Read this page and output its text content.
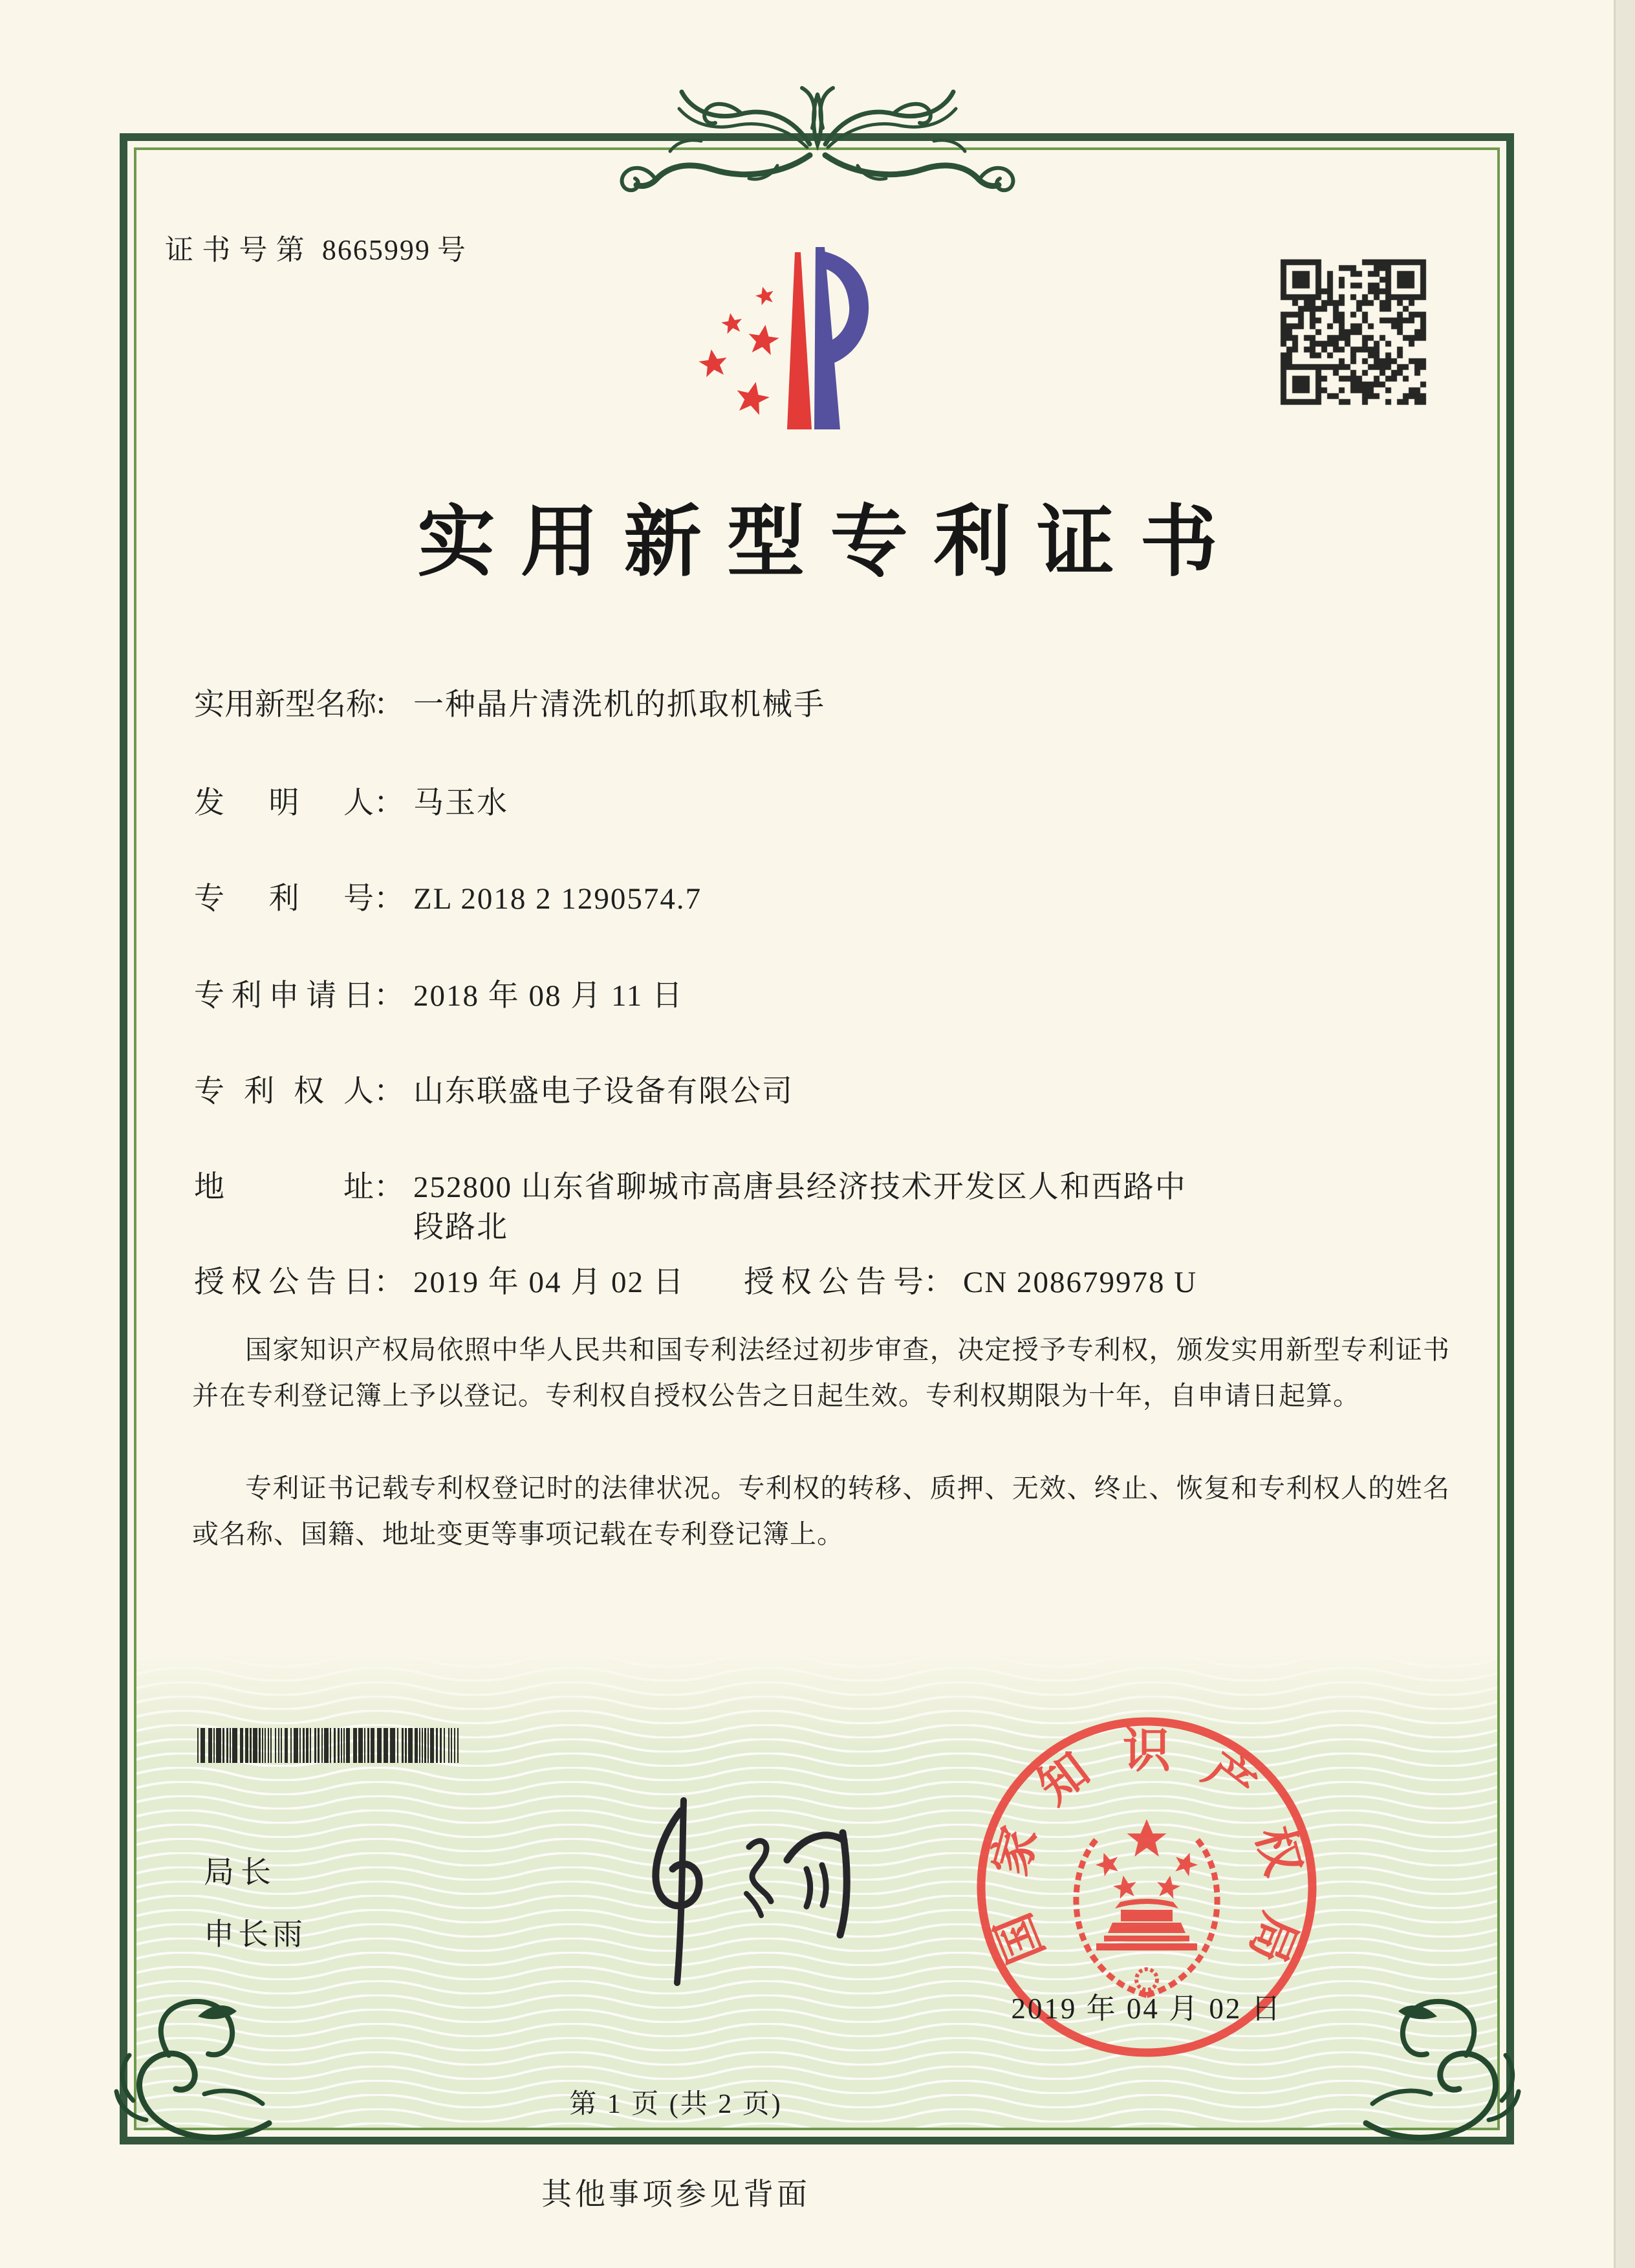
证书号第 8665999 号
实用新型专利证书
实用新型名称： 一种晶片清洗机的抓取机械手
发明人： 马玉水
专利号： ZL 2018 2 1290574.7
专利申请日： 2018 年 08 月 11 日
专利权人： 山东联盛电子设备有限公司
地址： 252800 山东省聊城市高唐县经济技术开发区人和西路中
段路北
授权公告日： 2019 年 04 月 02 日 授权公告号： CN 208679978 U
国家知识产权局依照中华人民共和国专利法经过初步审查，决定授予专利权，颁发实用新型专利证书并在专利登记簿上予以登记。专利权自授权公告之日起生效。专利权期限为十年，自申请日起算。
专利证书记载专利权登记时的法律状况。专利权的转移、质押、无效、终止、恢复和专利权人的姓名或名称、国籍、地址变更等事项记载在专利登记簿上。
局长
申长雨	国
家
知 识 产
权
局
2019 年 04 月 02 日
第 1 页 (共 2 页)
其他事项参见背面
